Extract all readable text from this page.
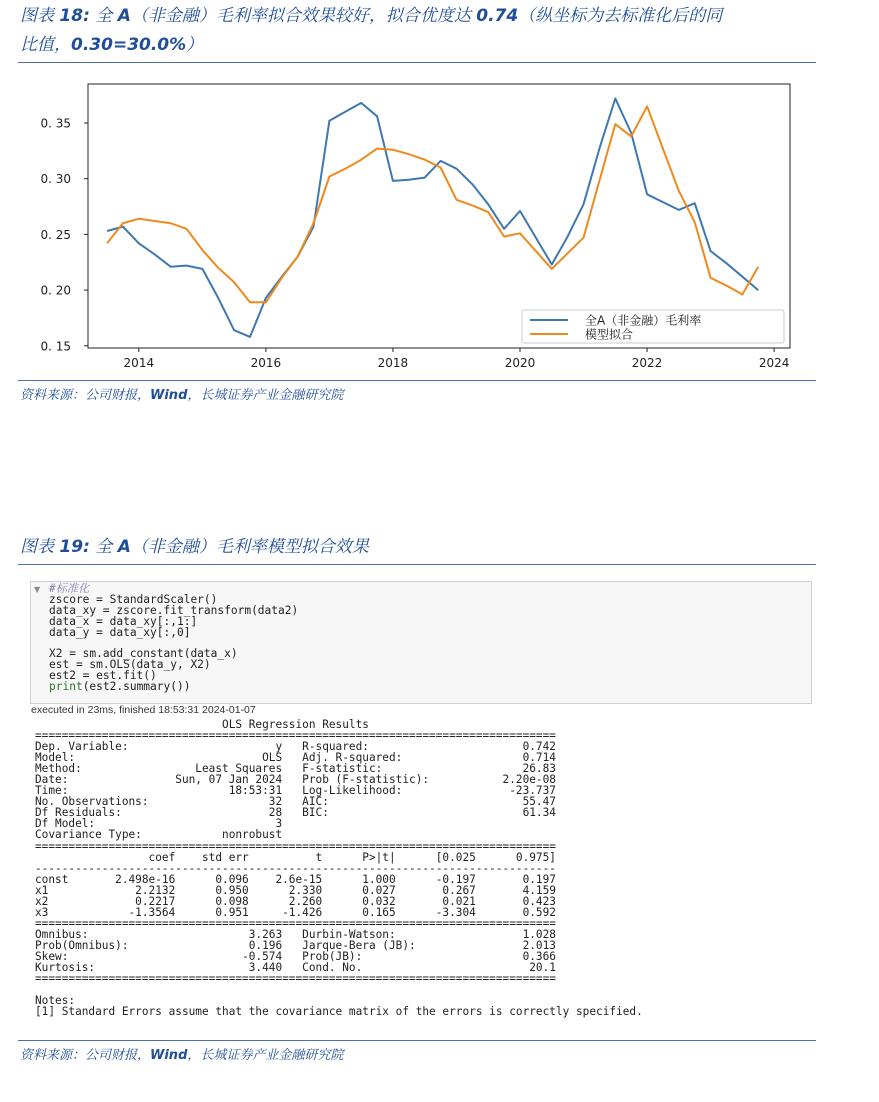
图表 18: 全 A（非金融）毛利率拟合效果较好，拟合优度达 0.74（纵坐标为去标准化后的同
比值，0.30=30.0%）
0. 15
0. 20
0. 25
0. 30
0. 35
2014	2016	2018	2020	2022	2024
全A（非金融）毛利率
模型拟合
资料来源：公司财报，Wind，长城证券产业金融研究院
图表 19: 全 A（非金融）毛利率模型拟合效果
▼ #标准化
zscore = StandardScaler()
data_xy = zscore.fit_transform(data2)
data_x = data_xy[:,1:]
data_y = data_xy[:,0]

X2 = sm.add_constant(data_x)
est = sm.OLS(data_y, X2)
est2 = est.fit()
print(est2.summary())
executed in 23ms, finished 18:53:31 2024-01-07
OLS Regression Results
==============================================================================
Dep. Variable:                      y   R-squared:                       0.742
Model:                            OLS   Adj. R-squared:                  0.714
Method:                 Least Squares   F-statistic:                     26.83
Date:                Sun, 07 Jan 2024   Prob (F-statistic):           2.20e-08
Time:                        18:53:31   Log-Likelihood:                -23.737
No. Observations:                  32   AIC:                             55.47
Df Residuals:                      28   BIC:                             61.34
Df Model:                           3
Covariance Type:            nonrobust
==============================================================================
coef    std err          t      P>|t|      [0.025      0.975]
------------------------------------------------------------------------------
const       2.498e-16      0.096    2.6e-15      1.000      -0.197       0.197
x1             2.2132      0.950      2.330      0.027       0.267       4.159
x2             0.2217      0.098      2.260      0.032       0.021       0.423
x3            -1.3564      0.951     -1.426      0.165      -3.304       0.592
==============================================================================
Omnibus:                        3.263   Durbin-Watson:                   1.028
Prob(Omnibus):                  0.196   Jarque-Bera (JB):                2.013
Skew:                          -0.574   Prob(JB):                        0.366
Kurtosis:                       3.440   Cond. No.                         20.1
==============================================================================

Notes:
[1] Standard Errors assume that the covariance matrix of the errors is correctly specified.
资料来源：公司财报，Wind，长城证券产业金融研究院
